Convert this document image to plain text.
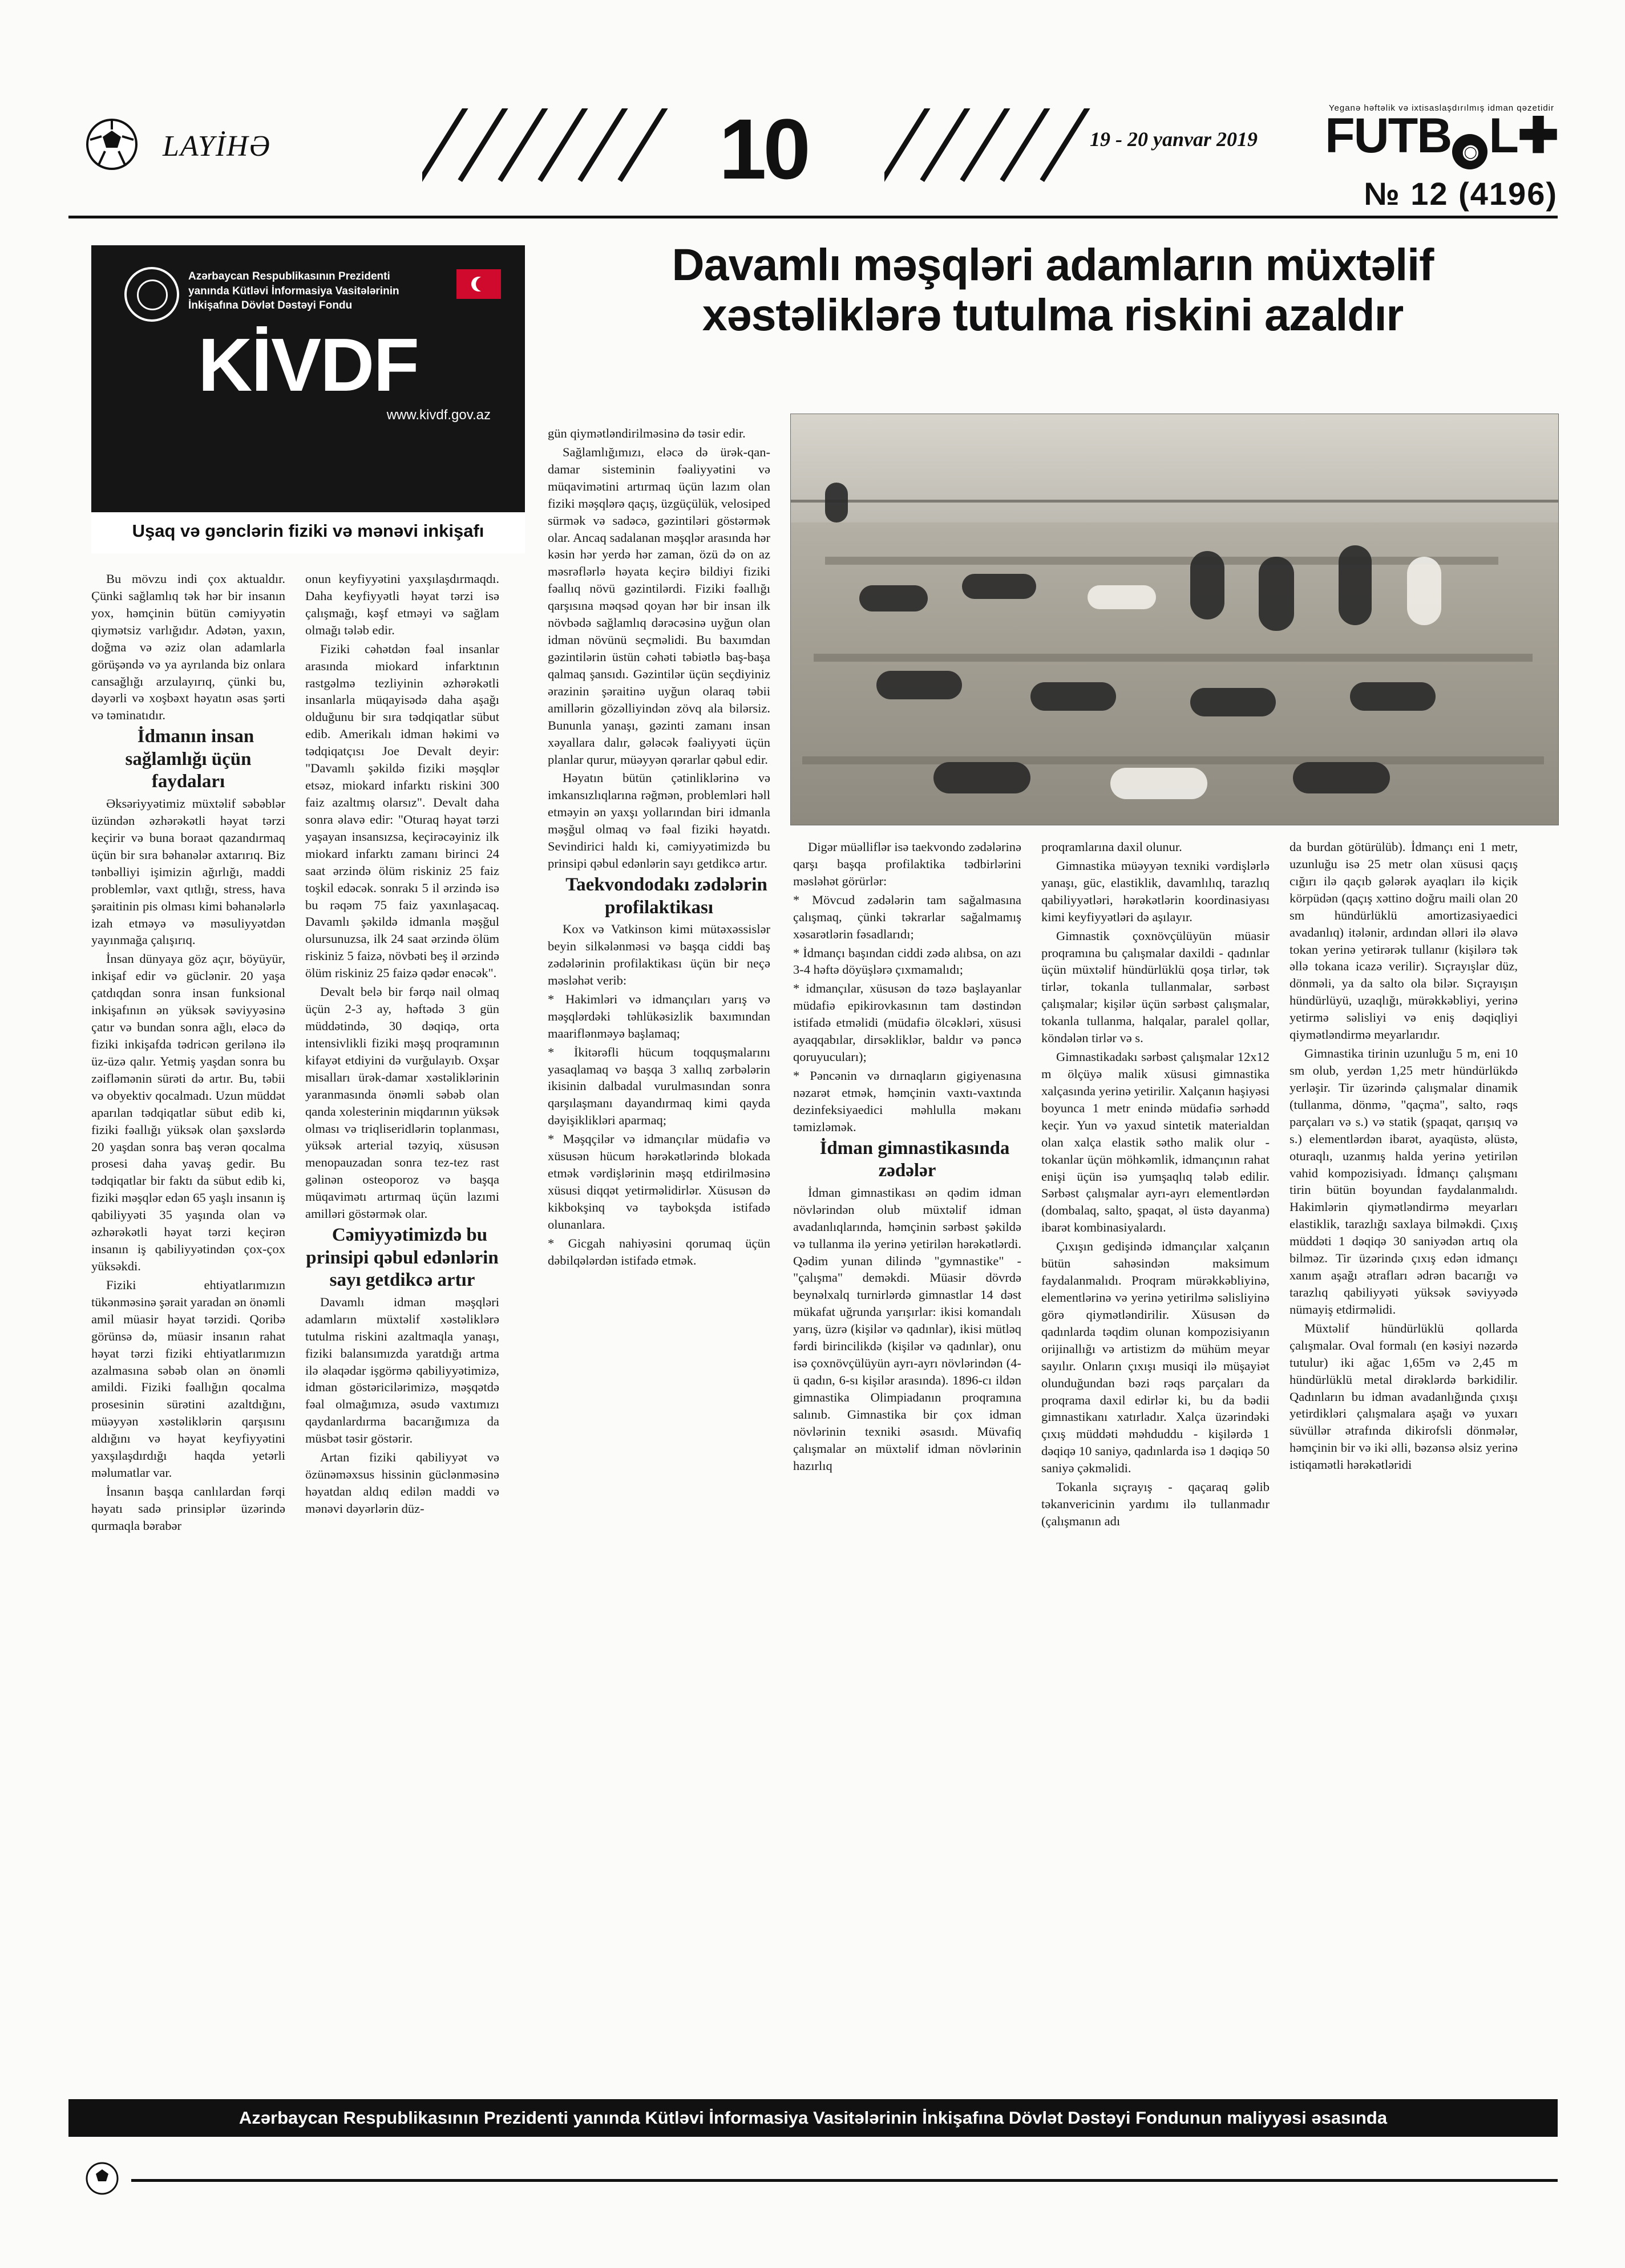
LAYİHƏ	10	19 - 20 yanvar 2019
Yeganə həftəlik və ixtisaslaşdırılmış idman qəzetidir
FUTB ◉ L✚
№ 12 (4196)
Azərbaycan Respublikasının Prezidenti yanında Kütləvi İnformasiya Vasitələrinin İnkişafına Dövlət Dəstəyi Fondu
KİVDF
www.kivdf.gov.az
Uşaq və gənclərin fiziki və mənəvi inkişafı
Davamlı məşqləri adamların müxtəlif xəstəliklərə tutulma riskini azaldır

Bu mövzu indi çox aktualdır. Çünki sağlamlıq tək hər bir insanın yox, həmçinin bütün cəmiyyətin qiymətsiz varlığıdır. Adətən, yaxın, doğma və əziz olan adamlarla görüşəndə və ya ayrılanda biz onlara cansağlığı arzulayırıq, çünki bu, dəyərli və xoşbəxt həyatın əsas şərti və təminatıdır.

İdmanın insan sağlamlığı üçün faydaları

Əksəriyyətimiz müxtəlif səbəblər üzündən əzhərəkətli həyat tərzi keçirir və buna boraət qazandırmaq üçün bir sıra bəhanələr axtarırıq. Biz tənbəlliyi işimizin ağırlığı, maddi problemlər, vaxt qıtlığı, stress, hava şəraitinin pis olması kimi bəhanələrlə izah etməyə və məsuliyyətdən yayınmağa çalışırıq.

İnsan dünyaya göz açır, böyüyür, inkişaf edir və güclənir. 20 yaşa çatdıqdan sonra insan funksional inkişafının ən yüksək səviyyəsinə çatır və bundan sonra ağlı, eləcə də fiziki inkişafda tədricən gerilənə ilə üz-üzə qalır. Yetmiş yaşdan sonra bu zəifləmənin sürəti də artır. Bu, təbii və obyektiv qocalmadı. Uzun müddət aparılan tədqiqatlar sübut edib ki, fiziki fəallığı yüksək olan şəxslərdə 20 yaşdan sonra baş verən qocalma prosesi daha yavaş gedir. Bu tədqiqatlar bir faktı da sübut edib ki, fiziki məşqlər edən 65 yaşlı insanın iş qabiliyyəti 35 yaşında olan və əzhərəkətli həyat tərzi keçirən insanın iş qabiliyyətindən çox-çox yüksəkdi.

Fiziki ehtiyatlarımızın tükənməsinə şərait yaradan ən önəmli amil müasir həyat tərzidi. Qoribə görünsə də, müasir insanın rahat həyat tərzi fiziki ehtiyatlarımızın azalmasına səbəb olan ən önəmli amildi. Fiziki fəallığın qocalma prosesinin sürətini azaltdığını, müəyyən xəstəliklərin qarşısını aldığını və həyat keyfiyyətini yaxşılaşdırdığı haqda yetərli məlumatlar var.

İnsanın başqa canlılardan fərqi həyatı sadə prinsiplər üzərində qurmaqla bərabər

onun keyfiyyətini yaxşılaşdırmaqdı. Daha keyfiyyətli həyat tərzi isə çalışmağı, kəşf etməyi və sağlam olmağı tələb edir.

Fiziki cəhətdən fəal insanlar arasında miokard infarktının rastgəlmə tezliyinin əzhərəkətli insanlarla müqayisədə daha aşağı olduğunu bir sıra tədqiqatlar sübut edib. Amerikalı idman həkimi və tədqiqatçısı Joe Devalt deyir: "Davamlı şəkildə fiziki məşqlər etsəz, miokard infarktı riskini 300 faiz azaltmış olarsız". Devalt daha sonra əlavə edir: "Oturaq həyat tərzi yaşayan insansızsa, keçirəcəyiniz ilk miokard infarktı zamanı birinci 24 saat ərzində ölüm riskiniz 25 faiz toşkil edəcək. sonrakı 5 il ərzində isə bu rəqəm 75 faiz yaxınlaşacaq. Davamlı şəkildə idmanla məşğul olursunuzsa, ilk 24 saat ərzində ölüm riskiniz 5 faizə, növbəti beş il ərzində ölüm riskiniz 25 faizə qədər enəcək".

Devalt belə bir fərqə nail olmaq üçün 2-3 ay, həftədə 3 gün müddətində, 30 dəqiqə, orta intensivlikli fiziki məşq proqramının kifayət etdiyini də vurğulayıb. Oxşar misalları ürək-damar xəstəliklərinin yaranmasında önəmli səbəb olan qanda xolesterinin miqdarının yüksək olması və triqliseridlərin toplanması, yüksək arterial təzyiq, xüsusən menopauzadan sonra tez-tez rast gəlinən osteoporoz və başqa müqavimətı artırmaq üçün lazımi amilləri göstərmək olar.

Cəmiyyətimizdə bu prinsipi qəbul edənlərin sayı getdikcə artır

Davamlı idman məşqləri adamların müxtəlif xəstəliklərə tutulma riskini azaltmaqla yanaşı, fiziki balansımızda yaratdığı artma ilə əlaqədar işgörmə qabiliyyətimizə, idman göstəricilərimizə, məşqətdə fəal olmağımıza, əsudə vaxtımızı qaydanlardırma bacarığımıza da müsbət təsir göstərir.

Artan fiziki qabiliyyət və özünəməxsus hissinin güclənməsinə həyatdan aldıq edilən maddi və mənəvi dəyərlərin düz-

gün qiymətləndirilməsinə də təsir edir.

Sağlamlığımızı, eləcə də ürək-qan-damar sisteminin fəaliyyətini və müqavimətini artırmaq üçün lazım olan fiziki məşqlərə qaçış, üzgüçülük, velosiped sürmək və sadəcə, gəzintiləri göstərmək olar. Ancaq sadalanan məşqlər arasında hər kəsin hər yerdə hər zaman, özü də on az məsrəflərlə həyata keçirə bildiyi fiziki fəallıq növü gəzintilərdi. Fiziki fəallığı qarşısına məqsəd qoyan hər bir insan ilk növbədə sağlamlıq dərəcəsinə uyğun olan idman növünü seçməlidi. Bu baxımdan gəzintilərin üstün cəhəti təbiətlə baş-başa qalmaq şansıdı. Gəzintilər üçün seçdiyiniz ərazinin şəraitinə uyğun olaraq təbii amillərin gözəlliyindən zövq ala bilərsiz. Bununla yanaşı, gəzinti zamanı insan xəyallara dalır, gələcək fəaliyyəti üçün planlar qurur, müəyyən qərarlar qəbul edir.

Həyatın bütün çətinliklərinə və imkansızlıqlarına rəğmən, problemləri həll etməyin ən yaxşı yollarından biri idmanla məşğul olmaq və fəal fiziki həyatdı. Sevindirici haldı ki, cəmiyyətimizdə bu prinsipi qəbul edənlərin sayı getdikcə artır.

Taekvondodakı zədələrin profilaktikası

Kox və Vatkinson kimi mütəxəssislər beyin silkələnməsi və başqa ciddi baş zədələrinin profilaktikası üçün bir neçə məsləhət verib:

* Hakimləri və idmançıları yarış və məşqlərdəki təhlükəsizlik baxımından maariflənməyə başlamaq;

* İkitərəfli hücum toqquşmalarını yasaqlamaq və başqa 3 xallıq zərbələrin ikisinin dalbadal vurulmasından sonra qarşılaşmanı dayandırmaq kimi qayda dəyişiklikləri aparmaq;

* Məşqçilər və idmançılar müdafiə və xüsusən hücum hərəkətlərində blokada etmək vərdişlərinin məşq etdirilməsinə xüsusi diqqət yetirməlidirlər. Xüsusən də kikbokşinq və taybokşda istifadə olunanlara.

* Gicgah nahiyəsini qorumaq üçün dəbilqələrdən istifadə etmək.

Digər müəlliflər isə taekvondo zədələrinə qarşı başqa profilaktika tədbirlərini məsləhət görürlər:

* Mövcud zədələrin tam sağalmasına çalışmaq, çünki təkrarlar sağalmamış xəsarətlərin fəsadlarıdı;

* İdmançı başından ciddi zədə alıbsa, on azı 3-4 həftə döyüşlərə çıxmamalıdı;

* idmançılar, xüsusən də təzə başlayanlar müdafiə epikirovkasının tam dəstindən istifadə etməlidi (müdafiə ölcəkləri, xüsusi ayaqqabılar, dirsəkliklər, baldır və pəncə qoruyucuları);

* Pəncənin və dırnaqların gigiyenasına nəzarət etmək, həmçinin vaxtı-vaxtında dezinfeksiyaedici məhlulla məkanı təmizləmək.

İdman gimnastikasında zədələr

İdman gimnastikası ən qədim idman növlərindən olub müxtəlif idman avadanlıqlarında, həmçinin sərbəst şəkildə və tullanma ilə yerinə yetirilən hərəkətlərdi. Qədim yunan dilində "gymnastike" - "çalışma" deməkdi. Müasir dövrdə beynəlxalq turnirlərdə gimnastlar 14 dəst mükafat uğrunda yarışırlar: ikisi komandalı yarış, üzrə (kişilər və qadınlar), ikisi mütləq fərdi birincilikdə (kişilər və qadınlar), onu isə çoxnövçülüyün ayrı-ayrı növlərindən (4-ü qadın, 6-sı kişilər arasında). 1896-cı ildən gimnastika Olimpiadanın proqramına salınıb. Gimnastika bir çox idman növlərinin texniki əsasıdı. Müvafiq çalışmalar ən müxtəlif idman növlərinin hazırlıq

proqramlarına daxil olunur.

Gimnastika müəyyən texniki vərdişlərlə yanaşı, güc, elastiklik, davamlılıq, tarazlıq qabiliyyətləri, hərəkətlərin koordinasiyası kimi keyfiyyətləri də aşılayır.

Gimnastik çoxnövçülüyün müasir proqramına bu çalışmalar daxildi - qadınlar üçün müxtəlif hündürlüklü qoşa tirlər, tək tirlər, tokanla tullanmalar, sərbəst çalışmalar; kişilər üçün sərbəst çalışmalar, tokanla tullanma, halqalar, paralel qollar, köndələn tirlər və s.

Gimnastikadakı sərbəst çalışmalar 12x12 m ölçüyə malik xüsusi gimnastika xalçasında yerinə yetirilir. Xalçanın haşiyəsi boyunca 1 metr enində müdafiə sərhədd keçir. Yun və yaxud sintetik materialdan olan xalça elastik sətho malik olur - tokanlar üçün möhkəmlik, idmançının rahat enişi üçün isə yumşaqlıq tələb edilir. Sərbəst çalışmalar ayrı-ayrı elementlərdən (dombalaq, salto, şpaqat, əl üstə dayanma) ibarət kombinasiyalardı.

Çıxışın gedişində idmançılar xalçanın bütün sahəsindən maksimum faydalanmalıdı. Proqram mürəkkəbliyinə, elementlərinə və yerinə yetirilmə səlisliyinə görə qiymətləndirilir. Xüsusən də qadınlarda təqdim olunan kompozisiyanın orijinallığı və artistizm də mühüm meyar sayılır. Onların çıxışı musiqi ilə müşayiət olunduğundan bəzi rəqs parçaları da proqrama daxil edirlər ki, bu da bədii gimnastikanı xatırladır. Xalça üzərindəki çıxış müddəti məhduddu - kişilərdə 1 dəqiqə 10 saniyə, qadınlarda isə 1 dəqiqə 50 saniyə çəkməlidi.

Tokanla sıçrayış - qaçaraq gəlib təkanvericinin yardımı ilə tullanmadır (çalışmanın adı

da burdan götürülüb). İdmançı eni 1 metr, uzunluğu isə 25 metr olan xüsusi qaçış cığırı ilə qaçıb gələrək ayaqları ilə kiçik körpüdən (qaçış xəttino doğru maili olan 20 sm hündürlüklü amortizasiyaedici avadanlıq) itələnir, ardından əlləri ilə əlavə tokan yerinə yetirərək tullanır (kişilərə tək əllə tokana icazə verilir). Sıçrayışlar düz, dönməli, ya da salto ola bilər. Sıçrayışın hündürlüyü, uzaqlığı, mürəkkəbliyi, yerinə yetirmə səlisliyi və eniş dəqiqliyi qiymətləndirmə meyarlarıdır.

Gimnastika tirinin uzunluğu 5 m, eni 10 sm olub, yerdən 1,25 metr hündürlükdə yerləşir. Tir üzərində çalışmalar dinamik (tullanma, dönmə, "qaçma", salto, rəqs parçaları və s.) və statik (şpaqat, qarışıq və s.) elementlərdən ibarət, ayaqüstə, əlüstə, oturaqlı, uzanmış halda yerinə yetirilən vahid kompozisiyadı. İdmançı çalışmanı tirin bütün boyundan faydalanmalıdı. Hakimlərin qiymətləndirmə meyarları elastiklik, tarazlığı saxlaya bilməkdi. Çıxış müddəti 1 dəqiqə 30 saniyədən artıq ola bilməz. Tir üzərində çıxış edən idmançı xanım aşağı ətrafları ədrən bacarığı və tarazlıq qabiliyyəti yüksək səviyyədə nümayiş etdirməlidi.

Müxtəlif hündürlüklü qollarda çalışmalar. Oval formalı (en kəsiyi nəzərdə tutulur) iki ağac 1,65m və 2,45 m hündürlüklü metal dirəklərdə bərkidilir. Qadınların bu idman avadanlığında çıxışı yetirdikləri çalışmalara aşağı və yuxarı süvüllər ətrafında dikirofsli dönmələr, həmçinin bir və iki əlli, bəzənsə əlsiz yerinə istiqamətli hərəkətləridi

Azərbaycan Respublikasının Prezidenti yanında Kütləvi İnformasiya Vasitələrinin İnkişafına Dövlət Dəstəyi Fondunun maliyyəsi əsasında
